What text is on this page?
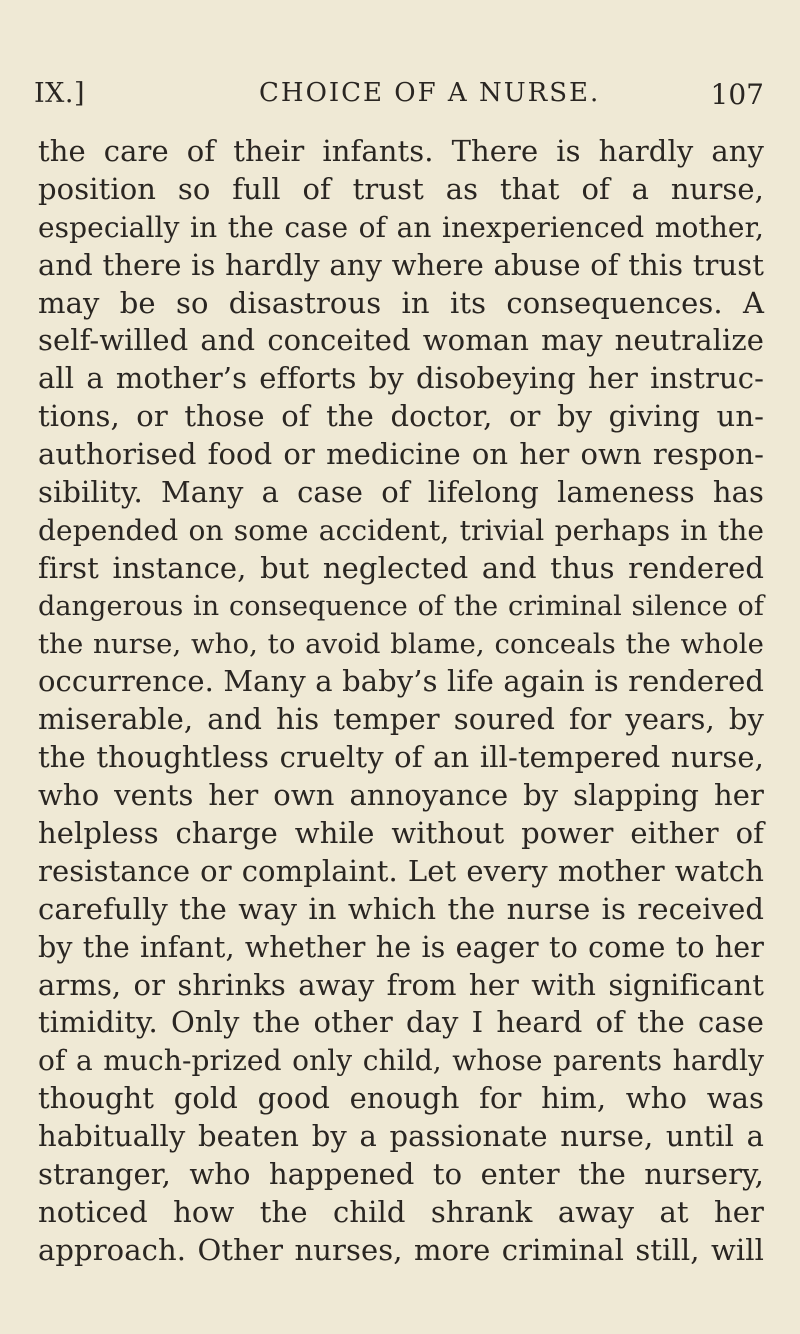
IX.]	CHOICE OF A NURSE.	107
the care of their infants. There is hardly any
position so full of trust as that of a nurse,
especially in the case of an inexperienced mother,
and there is hardly any where abuse of this trust
may be so disastrous in its consequences. A
self-willed and conceited woman may neutralize
all a mother’s efforts by disobeying her instruc-
tions, or those of the doctor, or by giving un-
authorised food or medicine on her own respon-
sibility. Many a case of lifelong lameness has
depended on some accident, trivial perhaps in the
first instance, but neglected and thus rendered
dangerous in consequence of the criminal silence of
the nurse, who, to avoid blame, conceals the whole
occurrence. Many a baby’s life again is rendered
miserable, and his temper soured for years, by
the thoughtless cruelty of an ill-tempered nurse,
who vents her own annoyance by slapping her
helpless charge while without power either of
resistance or complaint. Let every mother watch
carefully the way in which the nurse is received
by the infant, whether he is eager to come to her
arms, or shrinks away from her with significant
timidity. Only the other day I heard of the case
of a much-prized only child, whose parents hardly
thought gold good enough for him, who was
habitually beaten by a passionate nurse, until a
stranger, who happened to enter the nursery,
noticed how the child shrank away at her
approach. Other nurses, more criminal still, will
